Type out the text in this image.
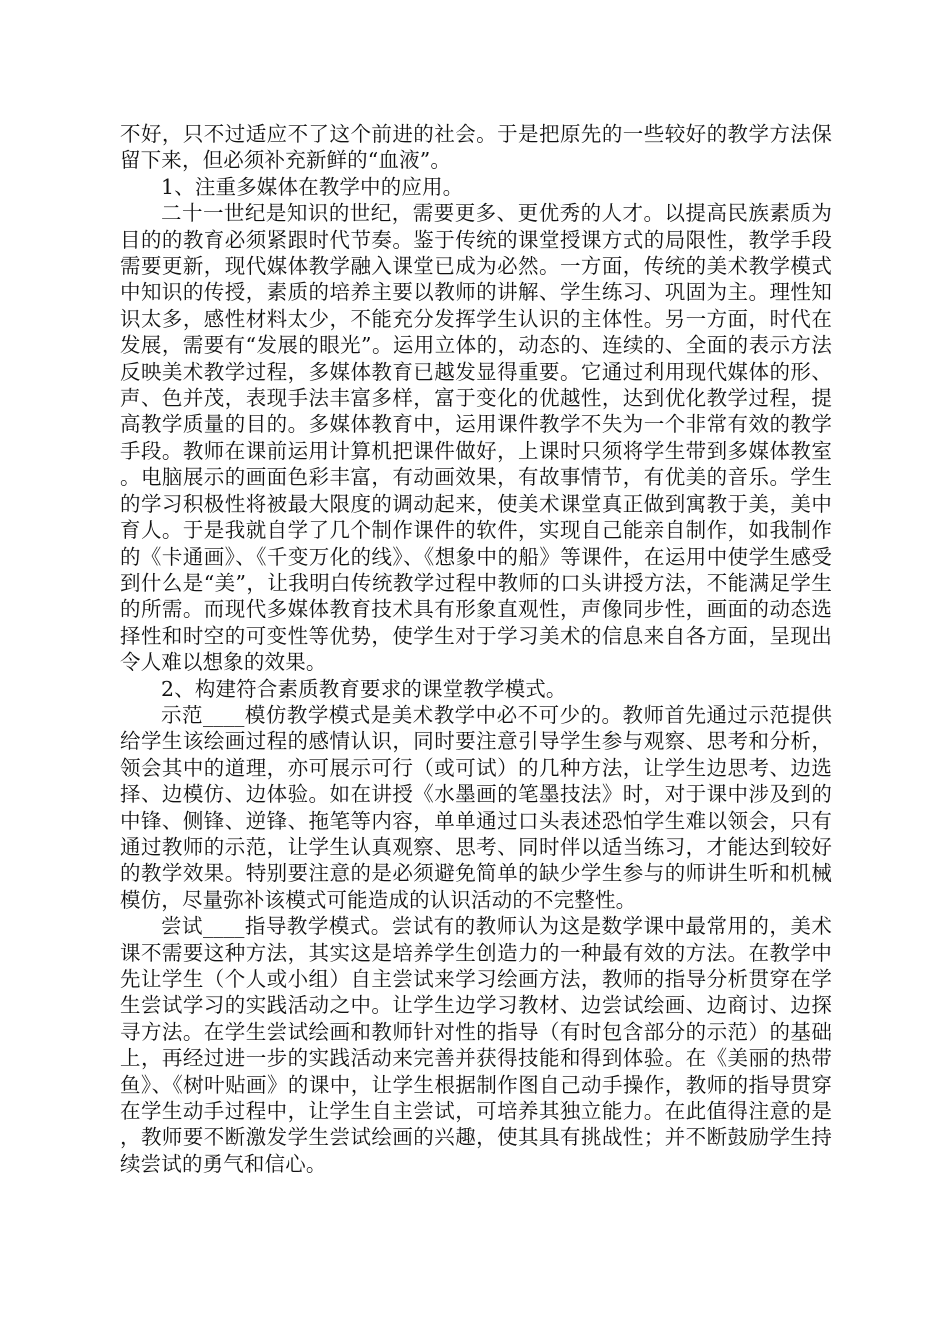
不好，只不过适应不了这个前进的社会。于是把原先的一些较好的教学方法保留下来，但必须补充新鲜的“血液”。

1、注重多媒体在教学中的应用。

二十一世纪是知识的世纪，需要更多、更优秀的人才。以提高民族素质为目的的教育必须紧跟时代节奏。鉴于传统的课堂授课方式的局限性，教学手段需要更新，现代媒体教学融入课堂已成为必然。一方面，传统的美术教学模式中知识的传授，素质的培养主要以教师的讲解、学生练习、巩固为主。理性知识太多，感性材料太少，不能充分发挥学生认识的主体性。另一方面，时代在发展，需要有“发展的眼光”。运用立体的，动态的、连续的、全面的表示方法反映美术教学过程，多媒体教育已越发显得重要。它通过利用现代媒体的形、声、色并茂，表现手法丰富多样，富于变化的优越性，达到优化教学过程，提高教学质量的目的。多媒体教育中，运用课件教学不失为一个非常有效的教学手段。教师在课前运用计算机把课件做好，上课时只须将学生带到多媒体教室。电脑展示的画面色彩丰富，有动画效果，有故事情节，有优美的音乐。学生的学习积极性将被最大限度的调动起来，使美术课堂真正做到寓教于美，美中育人。于是我就自学了几个制作课件的软件，实现自己能亲自制作，如我制作的《卡通画》、《千变万化的线》、《想象中的船》等课件，在运用中使学生感受到什么是“美”，让我明白传统教学过程中教师的口头讲授方法，不能满足学生的所需。而现代多媒体教育技术具有形象直观性，声像同步性，画面的动态选择性和时空的可变性等优势，使学生对于学习美术的信息来自各方面，呈现出令人难以想象的效果。

2、构建符合素质教育要求的课堂教学模式。

示范____模仿教学模式是美术教学中必不可少的。教师首先通过示范提供给学生该绘画过程的感情认识，同时要注意引导学生参与观察、思考和分析，领会其中的道理，亦可展示可行（或可试）的几种方法，让学生边思考、边选择、边模仿、边体验。如在讲授《水墨画的笔墨技法》时，对于课中涉及到的中锋、侧锋、逆锋、拖笔等内容，单单通过口头表述恐怕学生难以领会，只有通过教师的示范，让学生认真观察、思考、同时伴以适当练习，才能达到较好的教学效果。特别要注意的是必须避免简单的缺少学生参与的师讲生听和机械模仿，尽量弥补该模式可能造成的认识活动的不完整性。

尝试____指导教学模式。尝试有的教师认为这是数学课中最常用的，美术课不需要这种方法，其实这是培养学生创造力的一种最有效的方法。在教学中先让学生（个人或小组）自主尝试来学习绘画方法，教师的指导分析贯穿在学生尝试学习的实践活动之中。让学生边学习教材、边尝试绘画、边商讨、边探寻方法。在学生尝试绘画和教师针对性的指导（有时包含部分的示范）的基础上，再经过进一步的实践活动来完善并获得技能和得到体验。在《美丽的热带鱼》、《树叶贴画》的课中，让学生根据制作图自己动手操作，教师的指导贯穿在学生动手过程中，让学生自主尝试，可培养其独立能力。在此值得注意的是，教师要不断激发学生尝试绘画的兴趣，使其具有挑战性；并不断鼓励学生持续尝试的勇气和信心。
